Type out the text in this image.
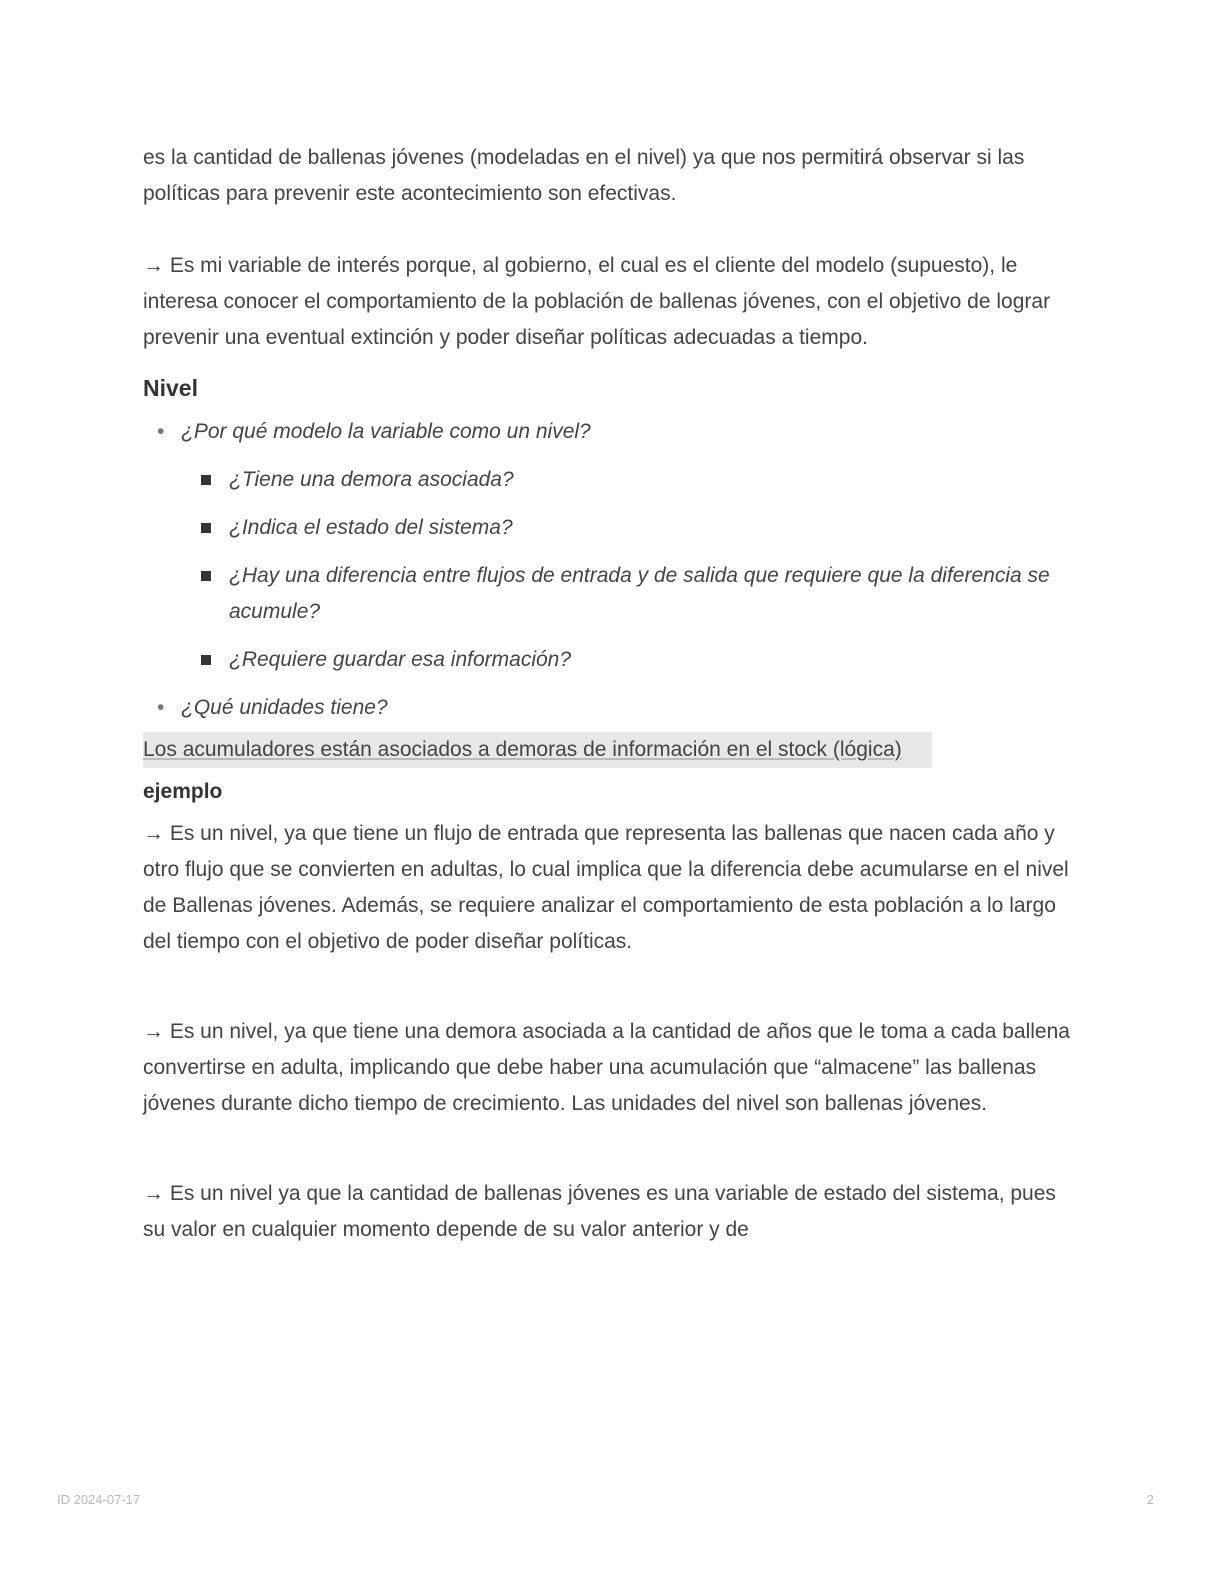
es la cantidad de ballenas jóvenes (modeladas en el nivel) ya que nos permitirá observar si las políticas para prevenir este acontecimiento son efectivas.

→ Es mi variable de interés porque, al gobierno, el cual es el cliente del modelo (supuesto), le interesa conocer el comportamiento de la población de ballenas jóvenes, con el objetivo de lograr prevenir una eventual extinción y poder diseñar políticas adecuadas a tiempo.

Nivel
• ¿Por qué modelo la variable como un nivel?
¿Tiene una demora asociada?
¿Indica el estado del sistema?
¿Hay una diferencia entre flujos de entrada y de salida que requiere que la diferencia se acumule?
¿Requiere guardar esa información?
• ¿Qué unidades tiene?
Los acumuladores están asociados a demoras de información en el stock (lógica)
ejemplo

→ Es un nivel, ya que tiene un flujo de entrada que representa las ballenas que nacen cada año y otro flujo que se convierten en adultas, lo cual implica que la diferencia debe acumularse en el nivel de Ballenas jóvenes. Además, se requiere analizar el comportamiento de esta población a lo largo del tiempo con el objetivo de poder diseñar políticas.

→ Es un nivel, ya que tiene una demora asociada a la cantidad de años que le toma a cada ballena convertirse en adulta, implicando que debe haber una acumulación que “almacene” las ballenas jóvenes durante dicho tiempo de crecimiento. Las unidades del nivel son ballenas jóvenes.

→ Es un nivel ya que la cantidad de ballenas jóvenes es una variable de estado del sistema, pues su valor en cualquier momento depende de su valor anterior y de

ID 2024-07-17	2
